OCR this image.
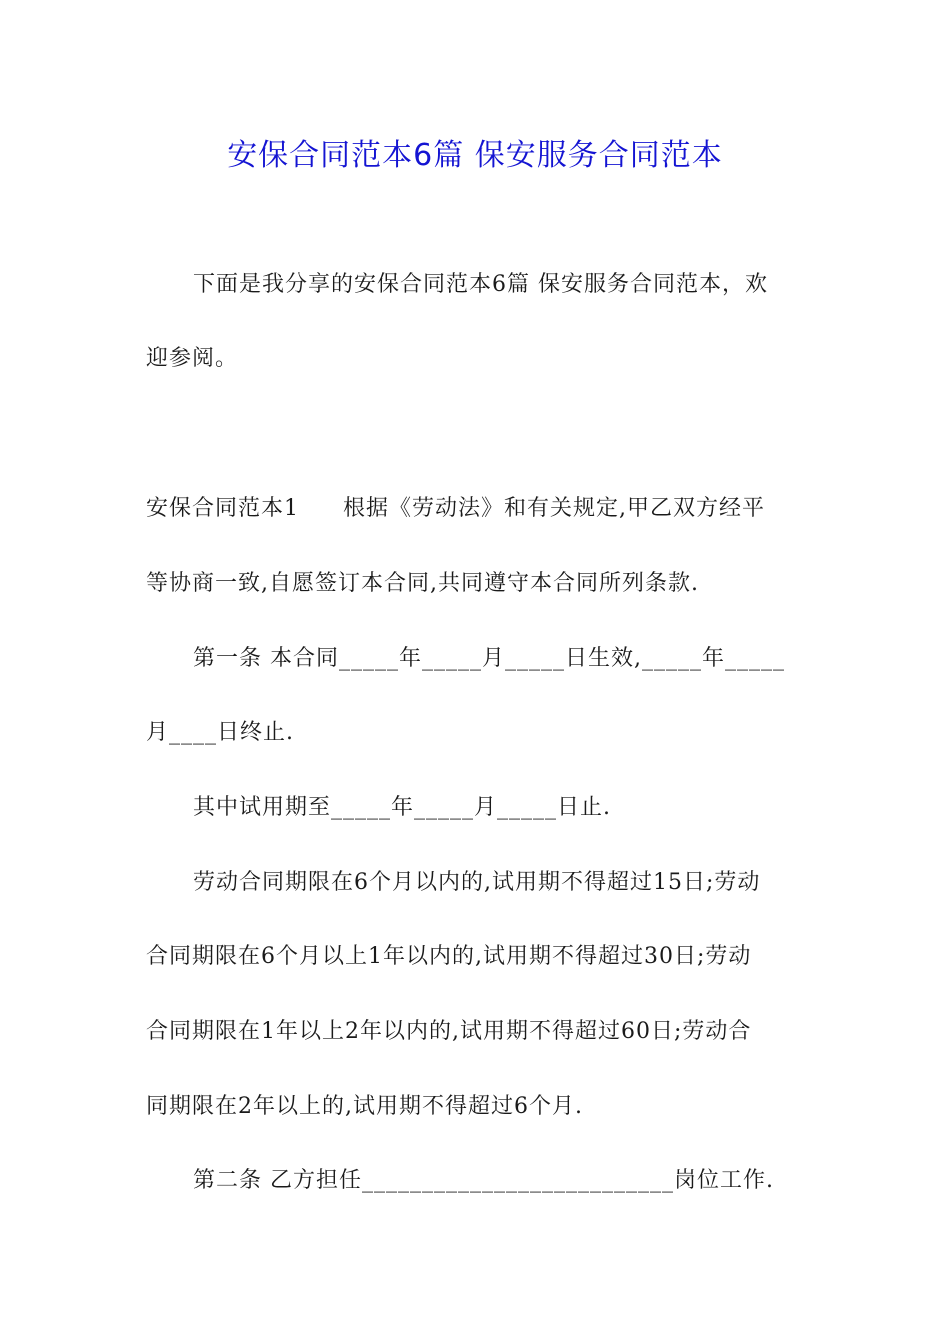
安保合同范本6篇 保安服务合同范本
下面是我分享的安保合同范本6篇 保安服务合同范本，欢
迎参阅。
安保合同范本1 根据《劳动法》和有关规定,甲乙双方经平
等协商一致,自愿签订本合同,共同遵守本合同所列条款.
第一条 本合同_____年_____月_____日生效,_____年_____
月____日终止.
其中试用期至_____年_____月_____日止.
劳动合同期限在6个月以内的,试用期不得超过15日;劳动
合同期限在6个月以上1年以内的,试用期不得超过30日;劳动
合同期限在1年以上2年以内的,试用期不得超过60日;劳动合
同期限在2年以上的,试用期不得超过6个月.
第二条 乙方担任__________________________岗位工作.
